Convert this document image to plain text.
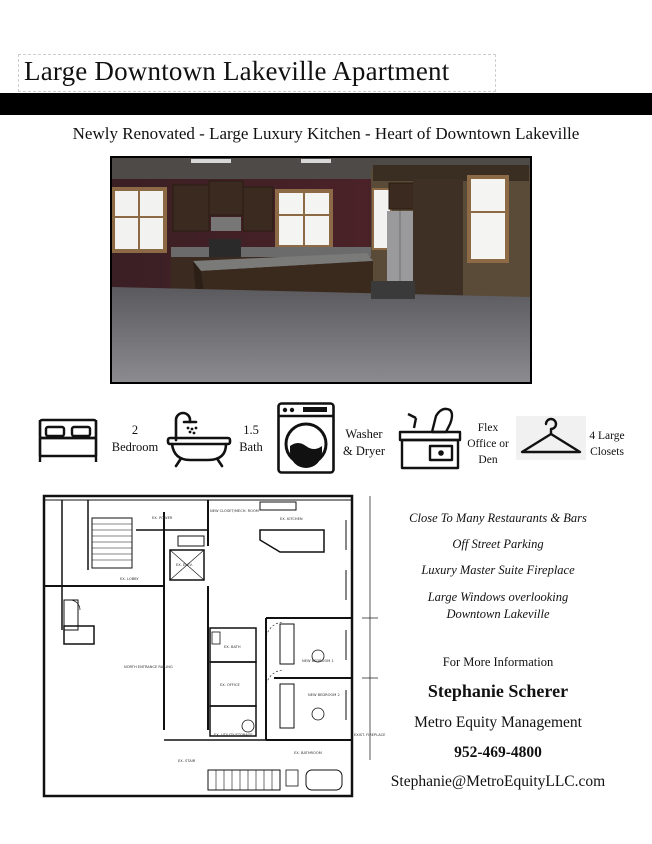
Large Downtown Lakeville Apartment
Newly Renovated - Large Luxury Kitchen - Heart of Downtown Lakeville
2
Bedroom
1.5
Bath
Washer
& Dryer
Flex
Office or
Den
4 Large
Closets
EX. KITCHEN
EX. POWER
EX. ELEV.
EX. LOBBY
EX. BATH
EX. OFFICE
NEW BEDROOM 1
NEW BEDROOM 2
EX. UTILITY/STORAGE
EX. BATHROOM
EX. STAIR
EXIST. FIREPLACE
NEW CLOSET/MECH. ROOM
NORTH ENTRANCE RAILING
Close To Many Restaurants & Bars
Off Street Parking
Luxury Master Suite Fireplace
Large Windows overlooking
Downtown Lakeville
For More Information
Stephanie Scherer
Metro Equity Management
952-469-4800
Stephanie@MetroEquityLLC.com
